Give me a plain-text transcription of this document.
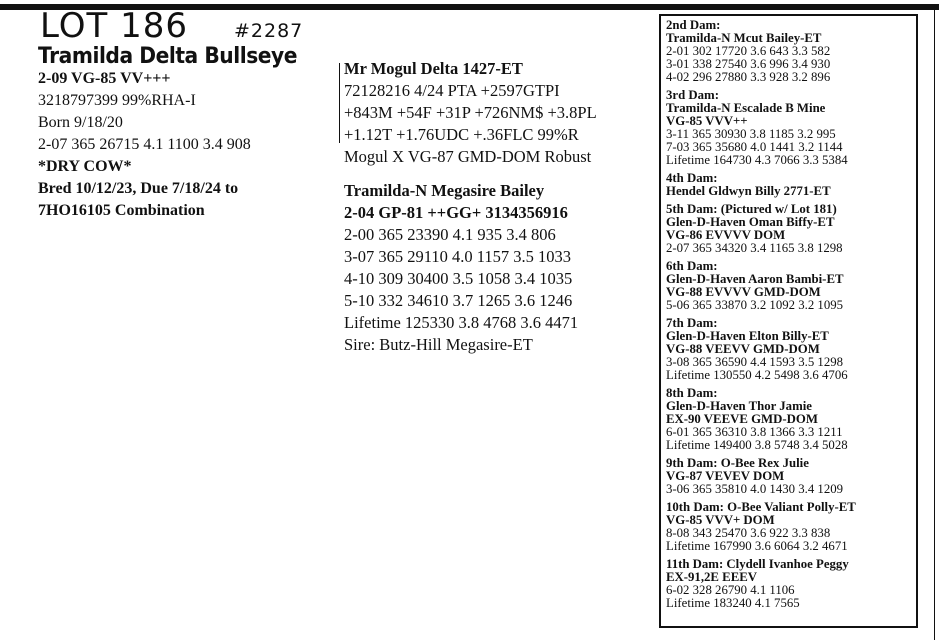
LOT 186 #2287
Tramilda Delta Bullseye
2-09 VG-85 VV+++
3218797399 99%RHA-I
Born 9/18/20
2-07 365 26715 4.1 1100 3.4 908
*DRY COW*
Bred 10/12/23, Due 7/18/24 to
7HO16105 Combination
Mr Mogul Delta 1427-ET
72128216 4/24 PTA +2597GTPI
+843M +54F +31P +726NM$ +3.8PL
+1.12T +1.76UDC +.36FLC 99%R
Mogul X VG-87 GMD-DOM Robust
Tramilda-N Megasire Bailey
2-04 GP-81 ++GG+ 3134356916
2-00 365 23390 4.1 935 3.4 806
3-07 365 29110 4.0 1157 3.5 1033
4-10 309 30400 3.5 1058 3.4 1035
5-10 332 34610 3.7 1265 3.6 1246
Lifetime 125330 3.8 4768 3.6 4471
Sire: Butz-Hill Megasire-ET
2nd Dam:
Tramilda-N Mcut Bailey-ET
2-01 302 17720 3.6 643 3.3 582
3-01 338 27540 3.6 996 3.4 930
4-02 296 27880 3.3 928 3.2 896
3rd Dam:
Tramilda-N Escalade B Mine
VG-85 VVV++
3-11 365 30930 3.8 1185 3.2 995
7-03 365 35680 4.0 1441 3.2 1144
Lifetime 164730 4.3 7066 3.3 5384
4th Dam:
Hendel Gldwyn Billy 2771-ET
5th Dam: (Pictured w/ Lot 181)
Glen-D-Haven Oman Biffy-ET
VG-86 EVVVV DOM
2-07 365 34320 3.4 1165 3.8 1298
6th Dam:
Glen-D-Haven Aaron Bambi-ET
VG-88 EVVVV GMD-DOM
5-06 365 33870 3.2 1092 3.2 1095
7th Dam:
Glen-D-Haven Elton Billy-ET
VG-88 VEEVV GMD-DOM
3-08 365 36590 4.4 1593 3.5 1298
Lifetime 130550 4.2 5498 3.6 4706
8th Dam:
Glen-D-Haven Thor Jamie
EX-90 VEEVE GMD-DOM
6-01 365 36310 3.8 1366 3.3 1211
Lifetime 149400 3.8 5748 3.4 5028
9th Dam: O-Bee Rex Julie
VG-87 VEVEV DOM
3-06 365 35810 4.0 1430 3.4 1209
10th Dam: O-Bee Valiant Polly-ET
VG-85 VVV+ DOM
8-08 343 25470 3.6 922 3.3 838
Lifetime 167990 3.6 6064 3.2 4671
11th Dam: Clydell Ivanhoe Peggy
EX-91,2E EEEV
6-02 328 26790 4.1 1106
Lifetime 183240 4.1 7565
